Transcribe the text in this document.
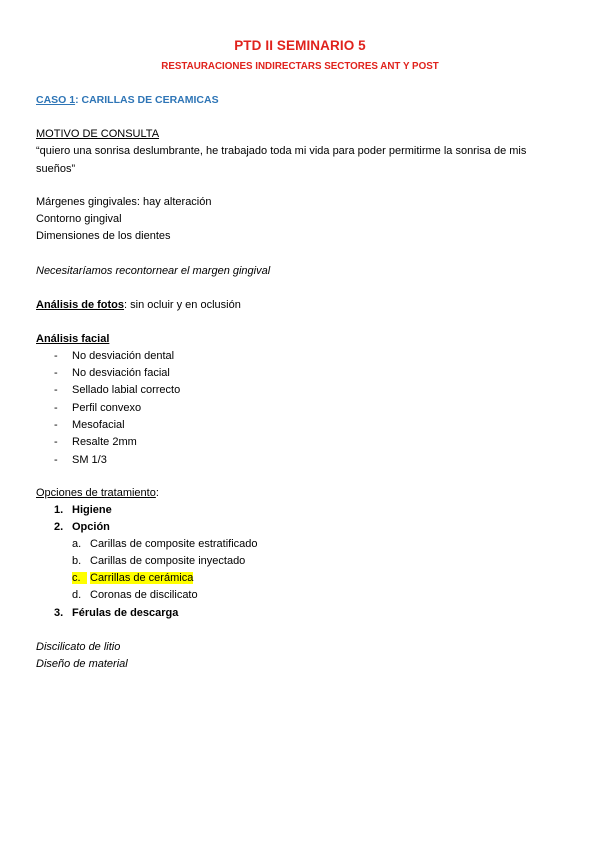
PTD II SEMINARIO 5
RESTAURACIONES INDIRECTARS SECTORES ANT Y POST
CASO 1: CARILLAS DE CERAMICAS
MOTIVO DE CONSULTA
“quiero una sonrisa deslumbrante, he trabajado toda mi vida para poder permitirme la sonrisa de mis
sueños”
Márgenes gingivales: hay alteración
Contorno gingival
Dimensiones de los dientes
Necesitaríamos recontornear el margen gingival
Análisis de fotos: sin ocluir y en oclusión
Análisis facial
- No desviación dental
- No desviación facial
- Sellado labial correcto
- Perfil convexo
- Mesofacial
- Resalte 2mm
- SM 1/3
Opciones de tratamiento:
1. Higiene
2. Opción
a. Carillas de composite estratificado
b. Carillas de composite inyectado
c. Carrillas de cerámica
d. Coronas de discilicato
3. Férulas de descarga
Discilicato de litio
Diseño de material
